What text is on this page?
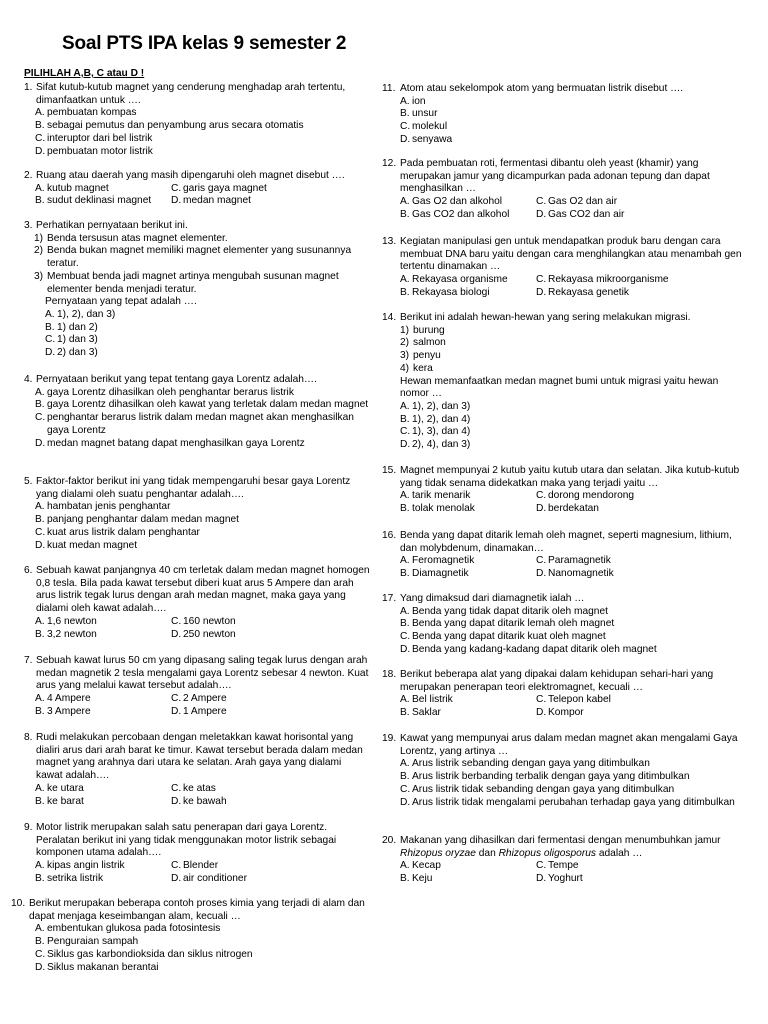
Soal PTS IPA kelas 9 semester 2
PILIHLAH A,B, C atau D !
1. Sifat kutub-kutub magnet yang cenderung menghadap arah tertentu, dimanfaatkan untuk ….
A. pembuatan kompas
B. sebagai pemutus dan penyambung arus secara otomatis
C. interuptor dari bel listrik
D. pembuatan motor listrik
2. Ruang atau daerah yang masih dipengaruhi oleh magnet disebut ….
A. kutub magnet	C. garis gaya magnet
B. sudut deklinasi magnet	D. medan magnet
3. Perhatikan pernyataan berikut ini.
1) Benda tersusun atas magnet elementer.
2) Benda bukan magnet memiliki magnet elementer yang susunannya teratur.
3) Membuat benda jadi magnet artinya mengubah susunan magnet elementer benda menjadi teratur.
Pernyataan yang tepat adalah ….
A. 1), 2), dan 3)
B. 1) dan 2)
C. 1) dan 3)
D. 2) dan 3)
4. Pernyataan berikut yang tepat tentang gaya Lorentz adalah….
A. gaya Lorentz dihasilkan oleh penghantar berarus listrik
B. gaya Lorentz dihasilkan oleh kawat yang terletak dalam medan magnet
C. penghantar berarus listrik dalam medan magnet akan menghasilkan gaya Lorentz
D. medan magnet batang dapat menghasilkan gaya Lorentz
5. Faktor-faktor berikut ini yang tidak mempengaruhi besar gaya Lorentz yang dialami oleh suatu penghantar adalah….
A. hambatan jenis penghantar
B. panjang penghantar dalam medan magnet
C. kuat arus listrik dalam penghantar
D. kuat medan magnet
6. Sebuah kawat panjangnya 40 cm terletak dalam medan magnet homogen 0,8 tesla. Bila pada kawat tersebut diberi kuat arus 5 Ampere dan arah arus listrik tegak lurus dengan arah medan magnet, maka gaya yang dialami oleh kawat adalah….
A. 1,6 newton	C. 160 newton
B. 3,2 newton	D. 250 newton
7. Sebuah kawat lurus 50 cm yang dipasang saling tegak lurus dengan arah medan magnetik 2 tesla mengalami gaya Lorentz sebesar 4 newton. Kuat arus yang melalui kawat tersebut adalah….
A. 4 Ampere	C. 2 Ampere
B. 3 Ampere	D. 1 Ampere
8. Rudi melakukan percobaan dengan meletakkan kawat horisontal yang dialiri arus dari arah barat ke timur. Kawat tersebut berada dalam medan magnet yang arahnya dari utara ke selatan. Arah gaya yang dialami kawat adalah….
A. ke utara	C. ke atas
B. ke barat	D. ke bawah
9. Motor listrik merupakan salah satu penerapan dari gaya Lorentz. Peralatan berikut ini yang tidak menggunakan motor listrik sebagai komponen utama adalah….
A. kipas angin listrik	C. Blender
B. setrika listrik	D. air conditioner
10. Berikut merupakan beberapa contoh proses kimia yang terjadi di alam dan dapat menjaga keseimbangan alam, kecuali …
A. embentukan glukosa pada fotosintesis
B. Penguraian sampah
C. Siklus gas karbondioksida dan siklus nitrogen
D. Siklus makanan berantai
11. Atom atau sekelompok atom yang bermuatan listrik disebut ….
A. ion
B. unsur
C. molekul
D. senyawa
12. Pada pembuatan roti, fermentasi dibantu oleh yeast (khamir) yang merupakan jamur yang dicampurkan pada adonan tepung dan dapat menghasilkan …
A. Gas O2 dan alkohol	C. Gas O2 dan air
B. Gas CO2 dan alkohol	D. Gas CO2 dan air
13. Kegiatan manipulasi gen untuk mendapatkan produk baru dengan cara membuat DNA baru yaitu dengan cara menghilangkan atau menambah gen tertentu dinamakan …
A. Rekayasa organisme	C. Rekayasa mikroorganisme
B. Rekayasa biologi	D. Rekayasa genetik
14. Berikut ini adalah hewan-hewan yang sering melakukan migrasi.
1) burung
2) salmon
3) penyu
4) kera
Hewan memanfaatkan medan magnet bumi untuk migrasi yaitu hewan nomor …
A. 1), 2), dan 3)
B. 1), 2), dan 4)
C. 1), 3), dan 4)
D. 2), 4), dan 3)
15. Magnet mempunyai 2 kutub yaitu kutub utara dan selatan. Jika kutub-kutub yang tidak senama didekatkan maka yang terjadi yaitu …
A. tarik menarik	C. dorong mendorong
B. tolak menolak	D. berdekatan
16. Benda yang dapat ditarik lemah oleh magnet, seperti magnesium, lithium, dan molybdenum, dinamakan…
A. Feromagnetik	C. Paramagnetik
B. Diamagnetik	D. Nanomagnetik
17. Yang dimaksud dari diamagnetik ialah …
A. Benda yang tidak dapat ditarik oleh magnet
B. Benda yang dapat ditarik lemah oleh magnet
C. Benda yang dapat ditarik kuat oleh magnet
D. Benda yang kadang-kadang dapat ditarik oleh magnet
18. Berikut beberapa alat yang dipakai dalam kehidupan sehari-hari yang merupakan penerapan teori elektromagnet, kecuali …
A. Bel listrik	C. Telepon kabel
B. Saklar	D. Kompor
19. Kawat yang mempunyai arus dalam medan magnet akan mengalami Gaya Lorentz, yang artinya …
A. Arus listrik sebanding dengan gaya yang ditimbulkan
B. Arus listrik berbanding terbalik dengan gaya yang ditimbulkan
C. Arus listrik tidak sebanding dengan gaya yang ditimbulkan
D. Arus listrik tidak mengalami perubahan terhadap gaya yang ditimbulkan
20. Makanan yang dihasilkan dari fermentasi dengan menumbuhkan jamur Rhizopus oryzae dan Rhizopus oligosporus adalah …
A. Kecap	C. Tempe
B. Keju	D. Yoghurt
